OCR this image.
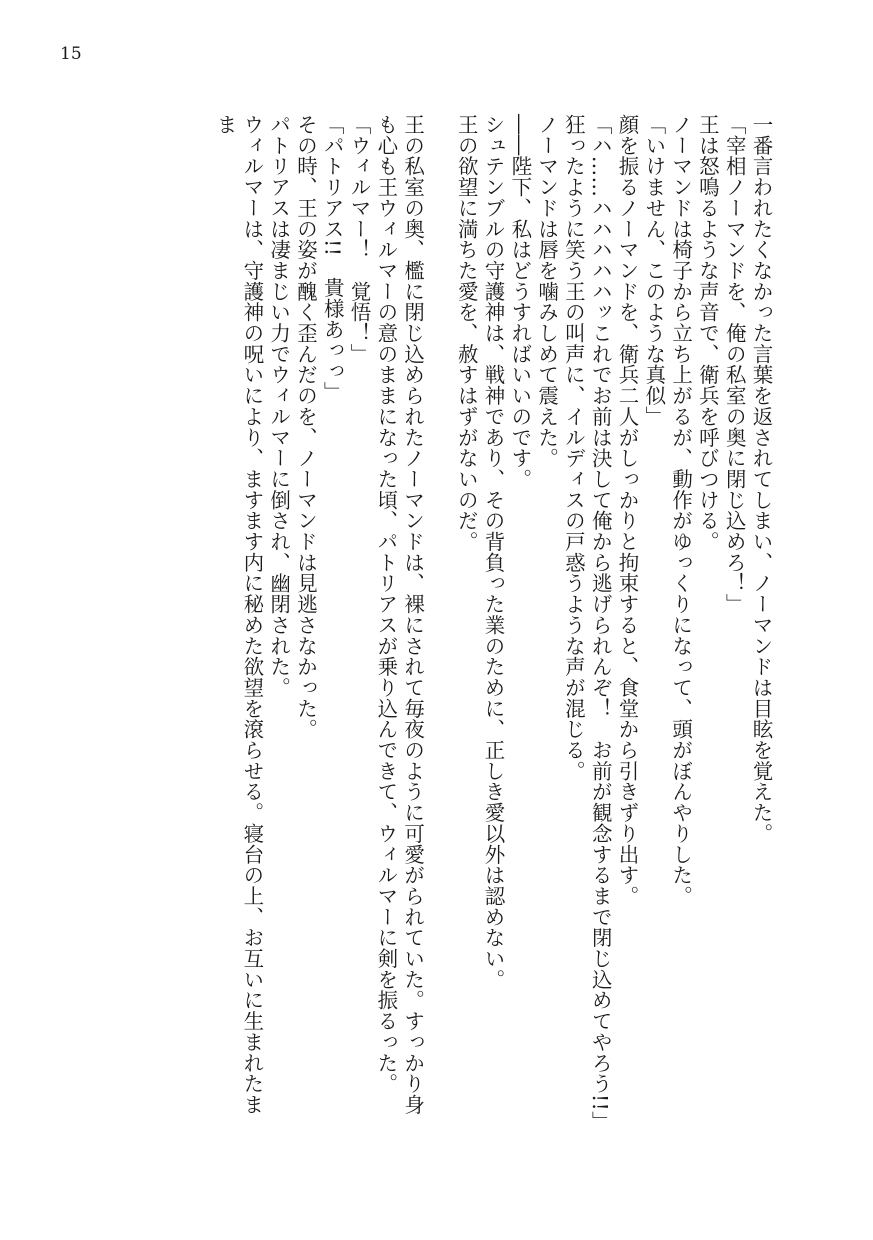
15

一番言われたくなかった言葉を返されてしまい、ノーマンドは目眩を覚えた。

「宰相ノーマンドを、俺の私室の奥に閉じ込めろ！」

王は怒鳴るような声音で、衛兵を呼びつける。

ノーマンドは椅子から立ち上がるが、動作がゆっくりになって、頭がぼんやりした。

「いけません、このような真似」

顔を振るノーマンドを、衛兵二人がしっかりと拘束すると、食堂から引きずり出す。

「ハ……ハハハハハッこれでお前は決して俺から逃げられんぞ！　お前が観念するまで閉じ込めてやろう!!」

狂ったように笑う王の叫声に、イルディスの戸惑うような声が混じる。

ノーマンドは唇を噛みしめて震えた。

――陛下、私はどうすればいいのです。

シュテンブルの守護神は、戦神であり、その背負った業のために、正しき愛以外は認めない。

王の欲望に満ちた愛を、赦すはずがないのだ。

王の私室の奥、檻に閉じ込められたノーマンドは、裸にされて毎夜のように可愛がられていた。すっかり身も心も王ウィルマーの意のままになった頃、パトリアスが乗り込んできて、ウィルマーに剣を振るった。

「ウィルマー！　覚悟！」

「パトリアス!!　貴様あっっ」

その時、王の姿が醜く歪んだのを、ノーマンドは見逃さなかった。

パトリアスは凄まじい力でウィルマーに倒され、幽閉された。

ウィルマーは、守護神の呪いにより、ますます内に秘めた欲望を滾らせる。寝台の上、お互いに生まれたまま
